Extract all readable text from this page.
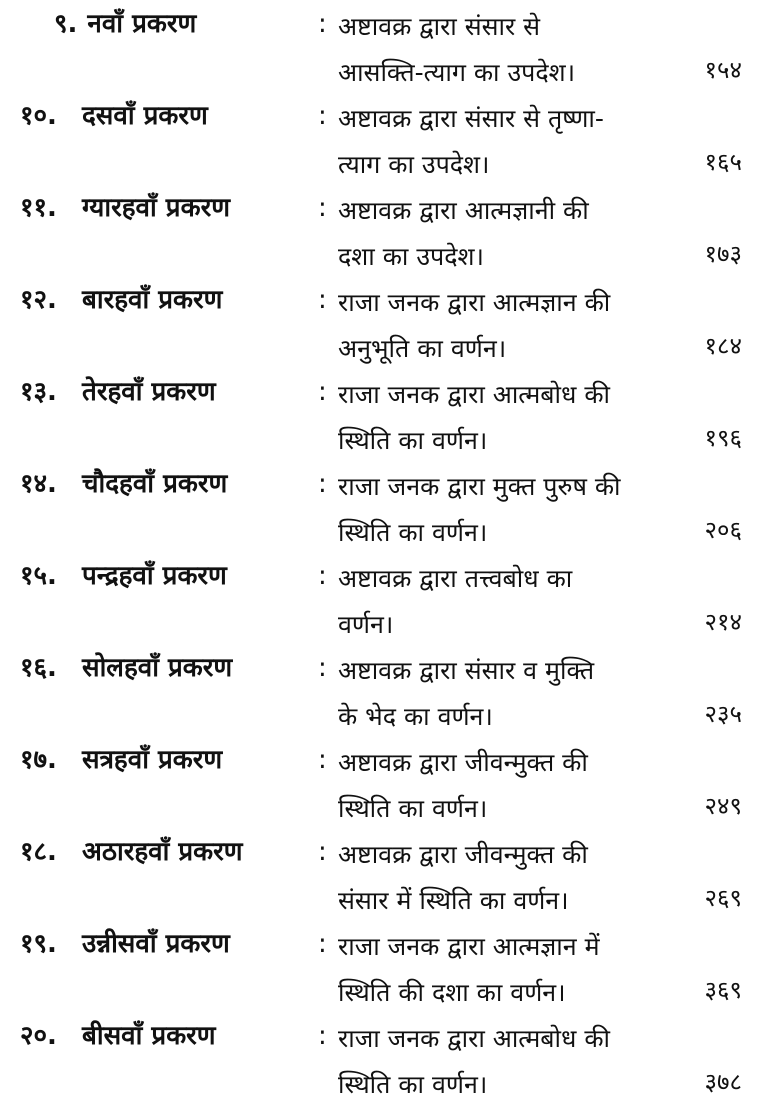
९. नवाँ प्रकरण	: अष्टावक्र द्वारा संसार से
आसक्ति-त्याग का उपदेश।	१५४
१०. दसवाँ प्रकरण	: अष्टावक्र द्वारा संसार से तृष्णा-
त्याग का उपदेश।	१६५
११. ग्यारहवाँ प्रकरण	: अष्टावक्र द्वारा आत्मज्ञानी की
दशा का उपदेश।	१७३
१२. बारहवाँ प्रकरण	: राजा जनक द्वारा आत्मज्ञान की
अनुभूति का वर्णन।	१८४
१३. तेरहवाँ प्रकरण	: राजा जनक द्वारा आत्मबोध की
स्थिति का वर्णन।	१९६
१४. चौदहवाँ प्रकरण	: राजा जनक द्वारा मुक्त पुरुष की
स्थिति का वर्णन।	२०६
१५. पन्द्रहवाँ प्रकरण	: अष्टावक्र द्वारा तत्त्वबोध का
वर्णन।	२१४
१६. सोलहवाँ प्रकरण	: अष्टावक्र द्वारा संसार व मुक्ति
के भेद का वर्णन।	२३५
१७. सत्रहवाँ प्रकरण	: अष्टावक्र द्वारा जीवन्मुक्त की
स्थिति का वर्णन।	२४९
१८. अठारहवाँ प्रकरण	: अष्टावक्र द्वारा जीवन्मुक्त की
संसार में स्थिति का वर्णन।	२६९
१९. उन्नीसवाँ प्रकरण	: राजा जनक द्वारा आत्मज्ञान में
स्थिति की दशा का वर्णन।	३६९
२०. बीसवाँ प्रकरण	: राजा जनक द्वारा आत्मबोध की
स्थिति का वर्णन।	३७८
